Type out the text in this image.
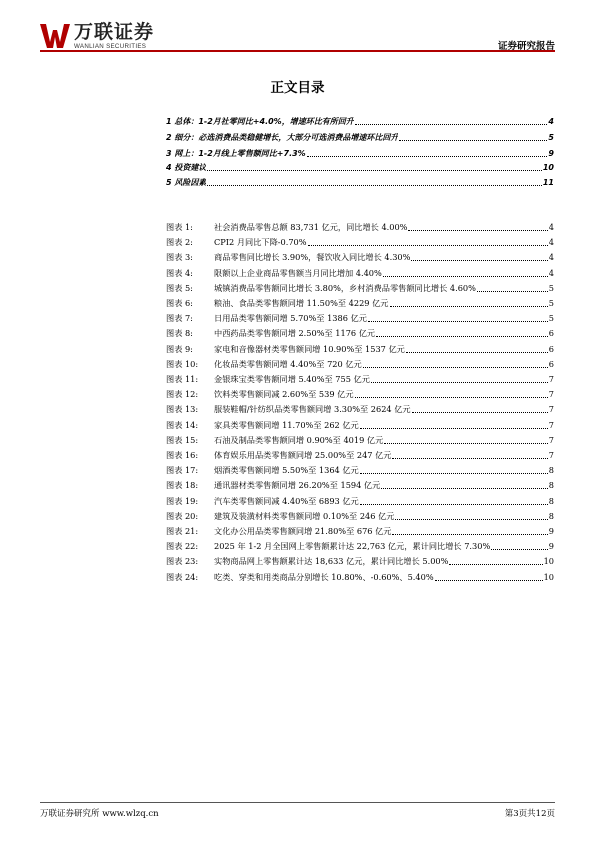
万联证券
WANLIAN SECURITIES	证券研究报告
正文目录
1 总体：1-2月社零同比+4.0%，增速环比有所回升	4
2 细分：必选消费品类稳健增长，大部分可选消费品增速环比回升	5
3 网上：1-2月线上零售额同比+7.3%	9
4 投资建议	10
5 风险因素	11
图表 1:	社会消费品零售总额 83,731 亿元，同比增长 4.00%	4
图表 2:	CPI2 月同比下降-0.70%	4
图表 3:	商品零售同比增长 3.90%，餐饮收入同比增长 4.30%	4
图表 4:	限额以上企业商品零售额当月同比增加 4.40%	4
图表 5:	城镇消费品零售额同比增长 3.80%，乡村消费品零售额同比增长 4.60%	5
图表 6:	粮油、食品类零售额同增 11.50%至 4229 亿元	5
图表 7:	日用品类零售额同增 5.70%至 1386 亿元	5
图表 8:	中西药品类零售额同增 2.50%至 1176 亿元	6
图表 9:	家电和音像器材类零售额同增 10.90%至 1537 亿元	6
图表 10:	化妆品类零售额同增 4.40%至 720 亿元	6
图表 11:	金银珠宝类零售额同增 5.40%至 755 亿元	7
图表 12:	饮料类零售额同减 2.60%至 539 亿元	7
图表 13:	服装鞋帽/针纺织品类零售额同增 3.30%至 2624 亿元	7
图表 14:	家具类零售额同增 11.70%至 262 亿元	7
图表 15:	石油及制品类零售额同增 0.90%至 4019 亿元	7
图表 16:	体育娱乐用品类零售额同增 25.00%至 247 亿元	7
图表 17:	烟酒类零售额同增 5.50%至 1364 亿元	8
图表 18:	通讯器材类零售额同增 26.20%至 1594 亿元	8
图表 19:	汽车类零售额同减 4.40%至 6893 亿元	8
图表 20:	建筑及装潢材料类零售额同增 0.10%至 246 亿元	8
图表 21:	文化办公用品类零售额同增 21.80%至 676 亿元	9
图表 22:	2025 年 1-2 月全国网上零售额累计达 22,763 亿元，累计同比增长 7.30%	9
图表 23:	实物商品网上零售额累计达 18,633 亿元，累计同比增长 5.00%	10
图表 24:	吃类、穿类和用类商品分别增长 10.80%、-0.60%、5.40%	10
万联证券研究所 www.wlzq.cn	第3页共12页
